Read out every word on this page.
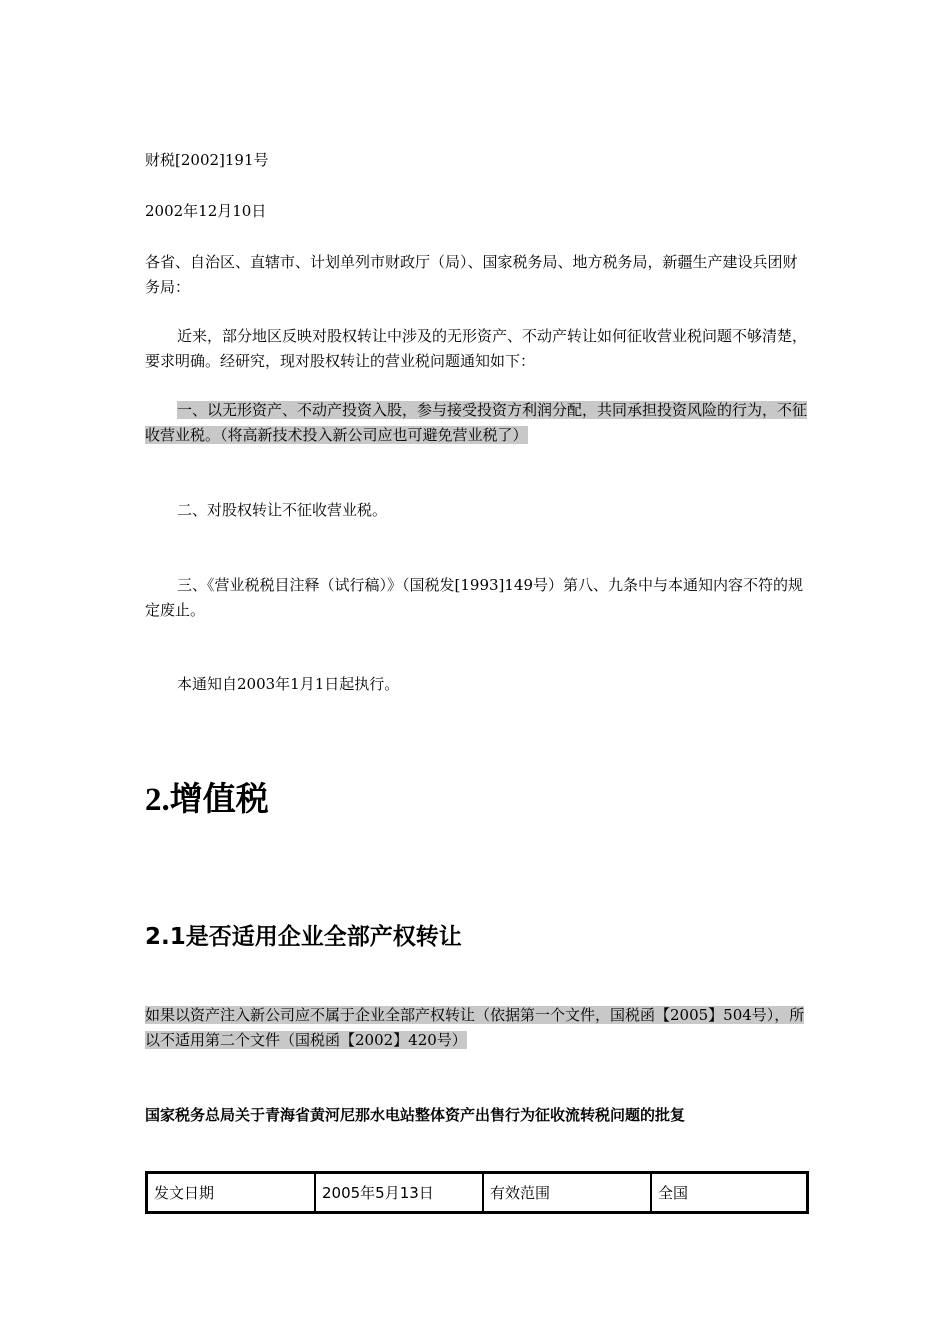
财税[2002]191号

2002年12月10日

各省、自治区、直辖市、计划单列市财政厅（局）、国家税务局、地方税务局，新疆生产建设兵团财务局：

近来，部分地区反映对股权转让中涉及的无形资产、不动产转让如何征收营业税问题不够清楚，要求明确。经研究，现对股权转让的营业税问题通知如下：

一、以无形资产、不动产投资入股，参与接受投资方利润分配，共同承担投资风险的行为，不征收营业税。（将高新技术投入新公司应也可避免营业税了）

二、对股权转让不征收营业税。

三、《营业税税目注释（试行稿）》（国税发[1993]149号）第八、九条中与本通知内容不符的规定废止。

本通知自2003年1月1日起执行。

2.增值税
2.1是否适用企业全部产权转让

如果以资产注入新公司应不属于企业全部产权转让（依据第一个文件，国税函【2005】504号），所以不适用第二个文件（国税函【2002】420号）

国家税务总局关于青海省黄河尼那水电站整体资产出售行为征收流转税问题的批复

发文日期	2005年5月13日	有效范围	全国
